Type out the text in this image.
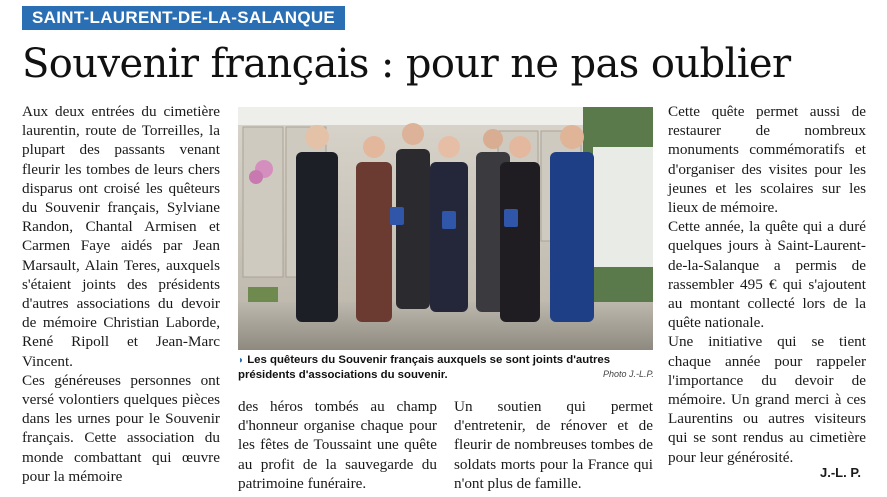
SAINT-LAURENT-DE-LA-SALANQUE
Souvenir français : pour ne pas oublier

Aux deux entrées du cimetière laurentin, route de Torreilles, la plupart des passants venant fleurir les tombes de leurs chers disparus ont croisé les quêteurs du Souvenir français, Sylviane Randon, Chantal Armisen et Carmen Faye aidés par Jean Marsault, Alain Teres, auxquels s'étaient joints des présidents d'autres associations du devoir de mémoire Christian Laborde, René Ripoll et Jean-Marc Vincent.

Ces généreuses personnes ont versé volontiers quelques pièces dans les urnes pour le Souvenir français. Cette association du monde combattant qui œuvre pour la mémoire

◗ Les quêteurs du Souvenir français auxquels se sont joints d'autres présidents d'associations du souvenir.	Photo J.-L.P.

des héros tombés au champ d'honneur organise chaque pour les fêtes de Toussaint une quête au profit de la sauvegarde du patrimoine funéraire.

Un soutien qui permet d'entretenir, de rénover et de fleurir de nombreuses tombes de soldats morts pour la France qui n'ont plus de famille.

Cette quête permet aussi de restaurer de nombreux monuments commémoratifs et d'organiser des visites pour les jeunes et les scolaires sur les lieux de mémoire.

Cette année, la quête qui a duré quelques jours à Saint-Laurent-de-la-Salanque a permis de rassembler 495 € qui s'ajoutent au montant collecté lors de la quête nationale.

Une initiative qui se tient chaque année pour rappeler l'importance du devoir de mémoire. Un grand merci à ces Laurentins ou autres visiteurs qui se sont rendus au cimetière pour leur générosité.

J.-L. P.
